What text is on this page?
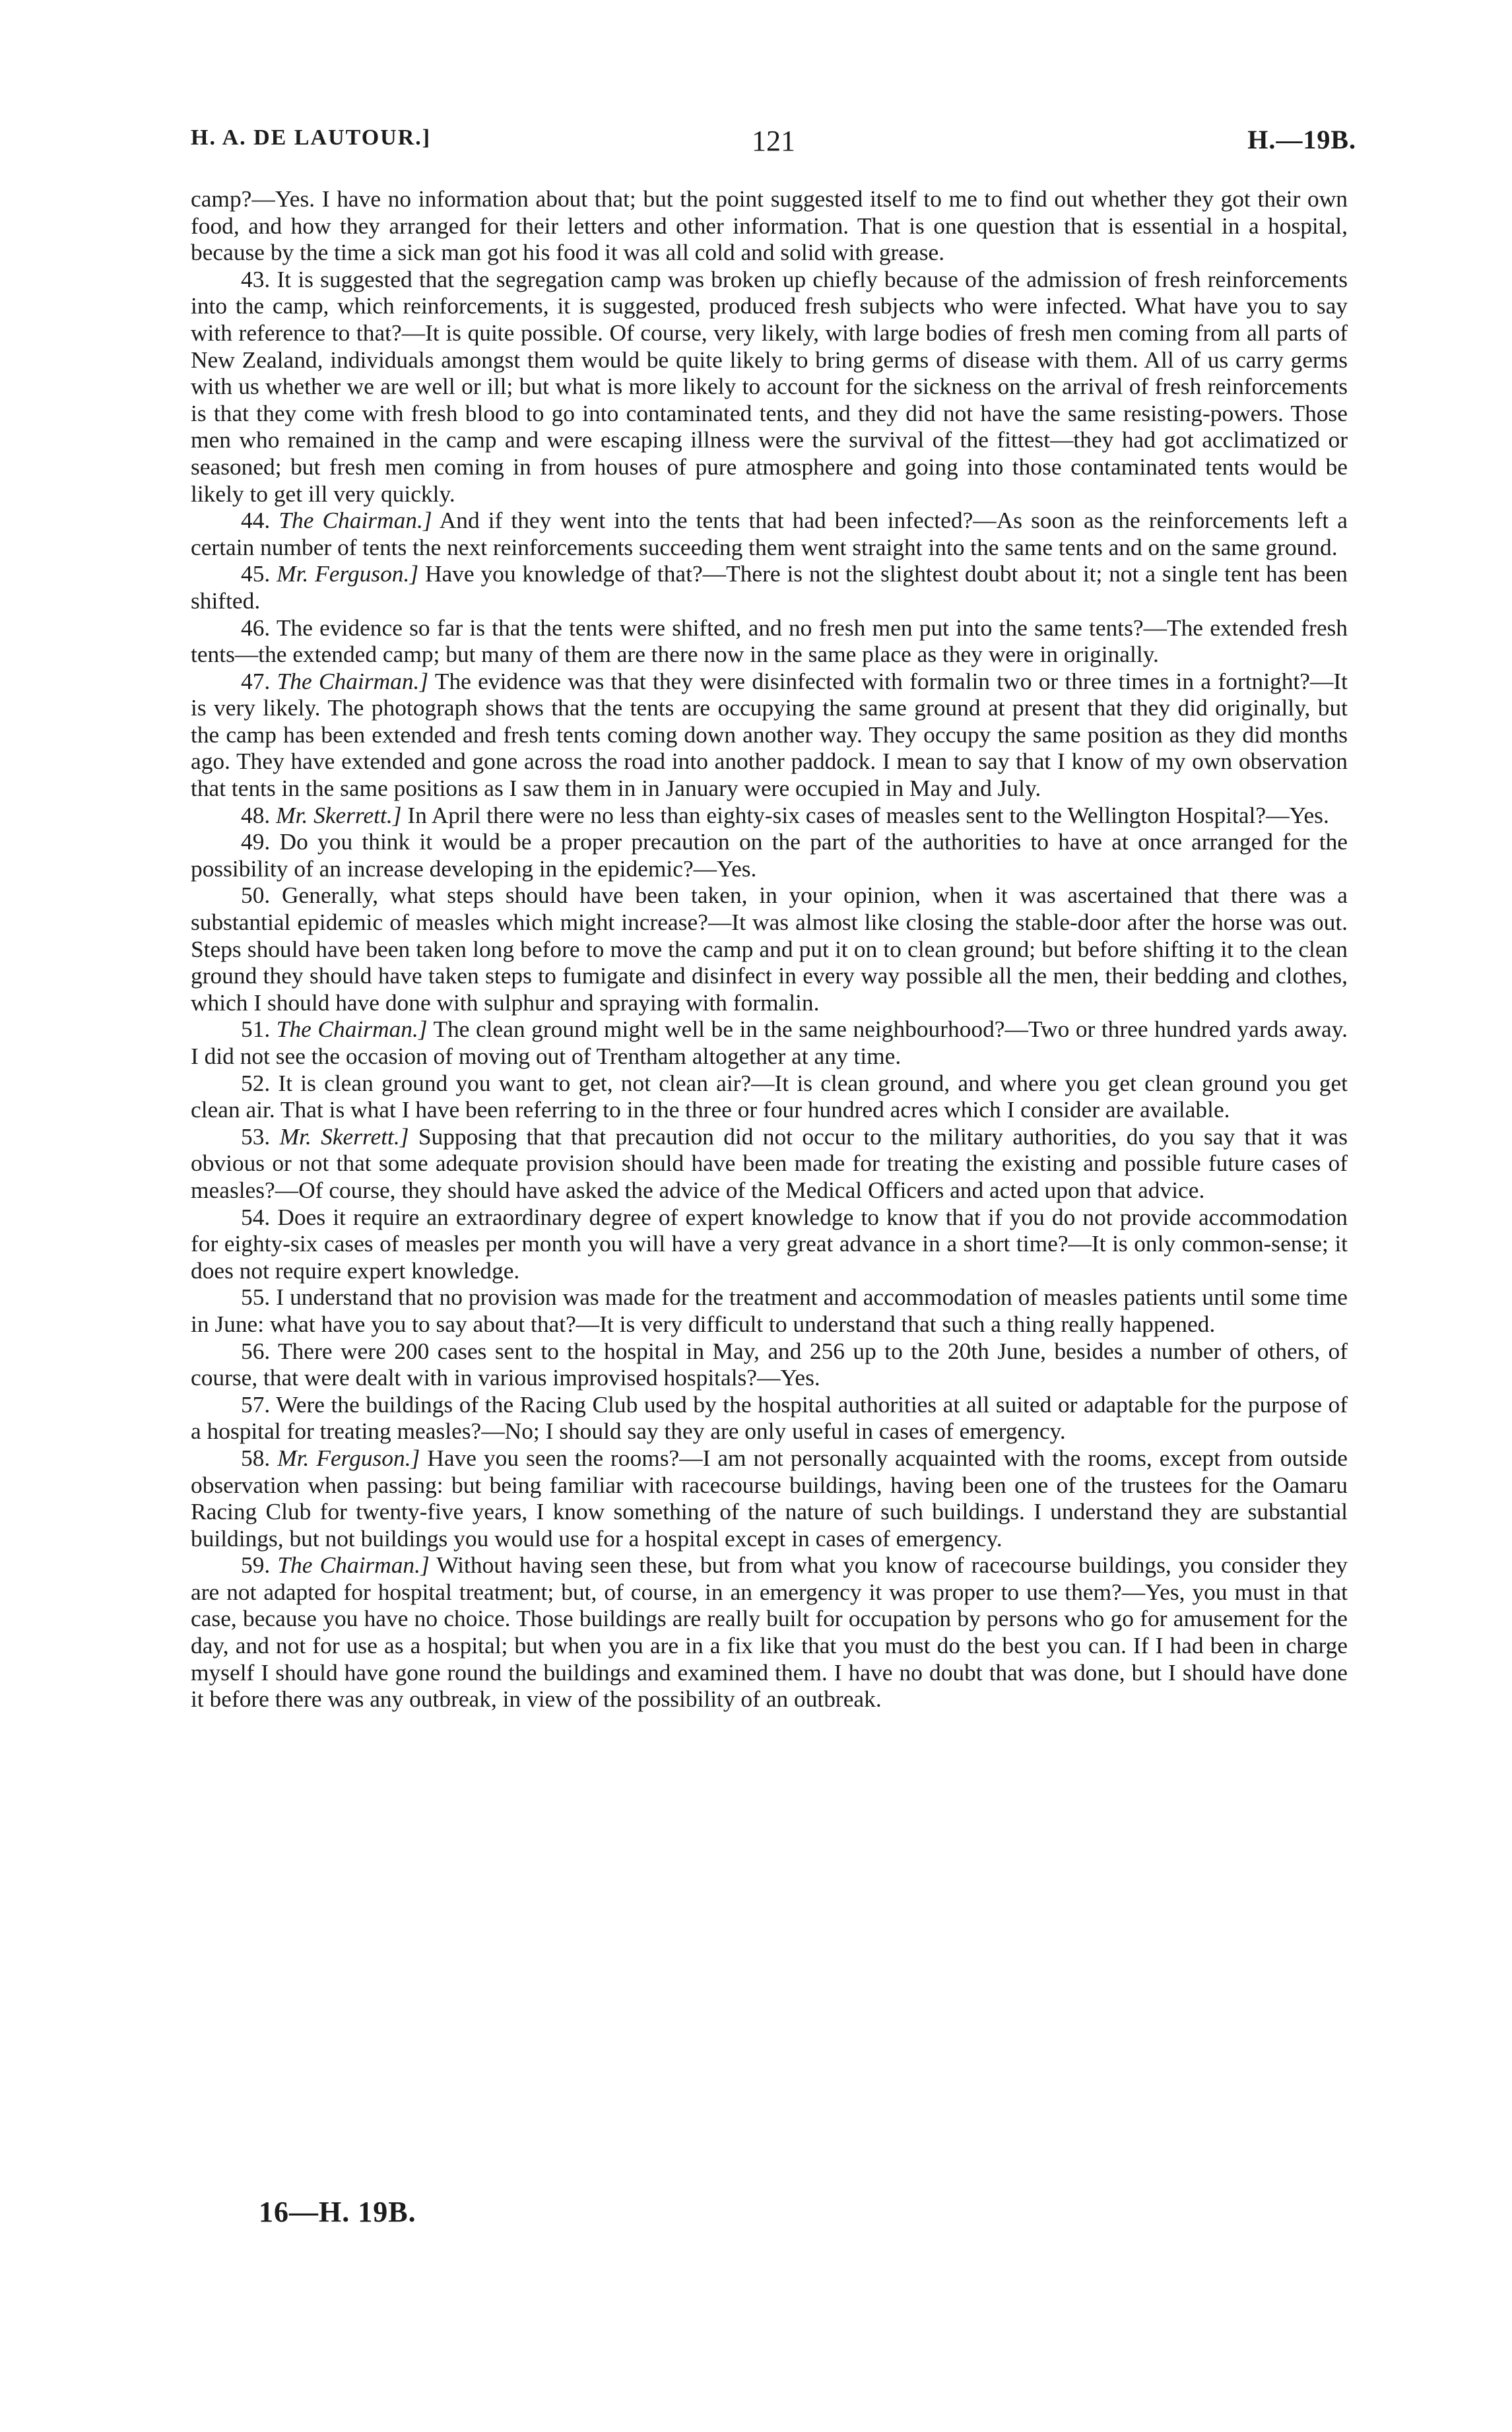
H. A. DE LAUTOUR.]	121	H.—19B.

camp?—Yes. I have no information about that; but the point suggested itself to me to find out whether they got their own food, and how they arranged for their letters and other information. That is one question that is essential in a hospital, because by the time a sick man got his food it was all cold and solid with grease.

43. It is suggested that the segregation camp was broken up chiefly because of the admission of fresh reinforcements into the camp, which reinforcements, it is suggested, produced fresh subjects who were infected. What have you to say with reference to that?—It is quite possible. Of course, very likely, with large bodies of fresh men coming from all parts of New Zealand, individuals amongst them would be quite likely to bring germs of disease with them. All of us carry germs with us whether we are well or ill; but what is more likely to account for the sickness on the arrival of fresh reinforcements is that they come with fresh blood to go into contaminated tents, and they did not have the same resisting-powers. Those men who remained in the camp and were escaping illness were the survival of the fittest—they had got acclimatized or seasoned; but fresh men coming in from houses of pure atmosphere and going into those contaminated tents would be likely to get ill very quickly.

44. The Chairman.] And if they went into the tents that had been infected?—As soon as the reinforcements left a certain number of tents the next reinforcements succeeding them went straight into the same tents and on the same ground.

45. Mr. Ferguson.] Have you knowledge of that?—There is not the slightest doubt about it; not a single tent has been shifted.

46. The evidence so far is that the tents were shifted, and no fresh men put into the same tents?—The extended fresh tents—the extended camp; but many of them are there now in the same place as they were in originally.

47. The Chairman.] The evidence was that they were disinfected with formalin two or three times in a fortnight?—It is very likely. The photograph shows that the tents are occupying the same ground at present that they did originally, but the camp has been extended and fresh tents coming down another way. They occupy the same position as they did months ago. They have extended and gone across the road into another paddock. I mean to say that I know of my own observation that tents in the same positions as I saw them in in January were occupied in May and July.

48. Mr. Skerrett.] In April there were no less than eighty-six cases of measles sent to the Wellington Hospital?—Yes.

49. Do you think it would be a proper precaution on the part of the authorities to have at once arranged for the possibility of an increase developing in the epidemic?—Yes.

50. Generally, what steps should have been taken, in your opinion, when it was ascertained that there was a substantial epidemic of measles which might increase?—It was almost like closing the stable-door after the horse was out. Steps should have been taken long before to move the camp and put it on to clean ground; but before shifting it to the clean ground they should have taken steps to fumigate and disinfect in every way possible all the men, their bedding and clothes, which I should have done with sulphur and spraying with formalin.

51. The Chairman.] The clean ground might well be in the same neighbourhood?—Two or three hundred yards away. I did not see the occasion of moving out of Trentham altogether at any time.

52. It is clean ground you want to get, not clean air?—It is clean ground, and where you get clean ground you get clean air. That is what I have been referring to in the three or four hundred acres which I consider are available.

53. Mr. Skerrett.] Supposing that that precaution did not occur to the military authorities, do you say that it was obvious or not that some adequate provision should have been made for treating the existing and possible future cases of measles?—Of course, they should have asked the advice of the Medical Officers and acted upon that advice.

54. Does it require an extraordinary degree of expert knowledge to know that if you do not provide accommodation for eighty-six cases of measles per month you will have a very great advance in a short time?—It is only common-sense; it does not require expert knowledge.

55. I understand that no provision was made for the treatment and accommodation of measles patients until some time in June: what have you to say about that?—It is very difficult to understand that such a thing really happened.

56. There were 200 cases sent to the hospital in May, and 256 up to the 20th June, besides a number of others, of course, that were dealt with in various improvised hospitals?—Yes.

57. Were the buildings of the Racing Club used by the hospital authorities at all suited or adaptable for the purpose of a hospital for treating measles?—No; I should say they are only useful in cases of emergency.

58. Mr. Ferguson.] Have you seen the rooms?—I am not personally acquainted with the rooms, except from outside observation when passing: but being familiar with racecourse buildings, having been one of the trustees for the Oamaru Racing Club for twenty-five years, I know something of the nature of such buildings. I understand they are substantial buildings, but not buildings you would use for a hospital except in cases of emergency.

59. The Chairman.] Without having seen these, but from what you know of racecourse buildings, you consider they are not adapted for hospital treatment; but, of course, in an emergency it was proper to use them?—Yes, you must in that case, because you have no choice. Those buildings are really built for occupation by persons who go for amusement for the day, and not for use as a hospital; but when you are in a fix like that you must do the best you can. If I had been in charge myself I should have gone round the buildings and examined them. I have no doubt that was done, but I should have done it before there was any outbreak, in view of the possibility of an outbreak.

16—H. 19B.
